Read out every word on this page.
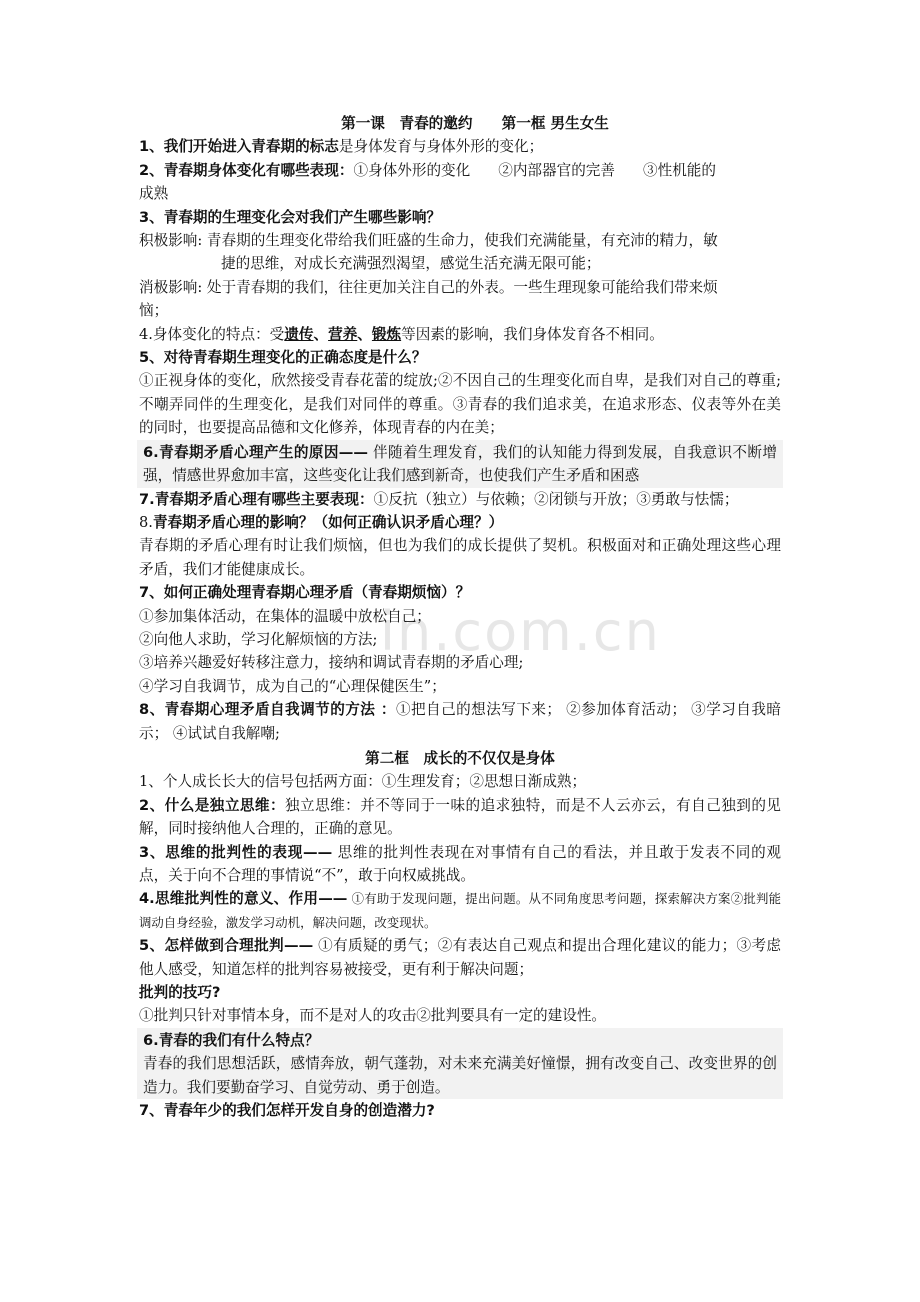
in.com.cn

第一课　青春的邀约　　第一框 男生女生

1、我们开始进入青春期的标志是身体发育与身体外形的变化；

2、青春期身体变化有哪些表现：①身体外形的变化 ②内部器官的完善 ③性机能的
成熟

3、青春期的生理变化会对我们产生哪些影响？

积极影响: 青春期的生理变化带给我们旺盛的生命力，使我们充满能量，有充沛的精力，敏

捷的思维，对成长充满强烈渴望，感觉生活充满无限可能；

消极影响: 处于青春期的我们，往往更加关注自己的外表。一些生理现象可能给我们带来烦
恼；

4.身体变化的特点：受遗传、营养、锻炼等因素的影响，我们身体发育各不相同。

5、对待青春期生理变化的正确态度是什么？

①正视身体的变化，欣然接受青春花蕾的绽放;②不因自己的生理变化而自卑，是我们对自己的尊重;不嘲弄同伴的生理变化，是我们对同伴的尊重。③青春的我们追求美，在追求形态、仪表等外在美的同时，也要提高品德和文化修养，体现青春的内在美；

6.青春期矛盾心理产生的原因—— 伴随着生理发育，我们的认知能力得到发展，自我意识不断增强，情感世界愈加丰富，这些变化让我们感到新奇，也使我们产生矛盾和困惑

7.青春期矛盾心理有哪些主要表现：①反抗（独立）与依赖；②闭锁与开放；③勇敢与怯懦；

8.青春期矛盾心理的影响？（如何正确认识矛盾心理？）

青春期的矛盾心理有时让我们烦恼，但也为我们的成长提供了契机。积极面对和正确处理这些心理矛盾，我们才能健康成长。

7、如何正确处理青春期心理矛盾（青春期烦恼）？

①参加集体活动，在集体的温暖中放松自己；

②向他人求助，学习化解烦恼的方法;

③培养兴趣爱好转移注意力，接纳和调试青春期的矛盾心理;

④学习自我调节，成为自己的“心理保健医生”；

8、青春期心理矛盾自我调节的方法 ：①把自己的想法写下来； ②参加体育活动； ③学习自我暗示； ④试试自我解嘲;

第二框　成长的不仅仅是身体

1、个人成长长大的信号包括两方面：①生理发育；②思想日渐成熟；

2、什么是独立思维：独立思维：并不等同于一味的追求独特，而是不人云亦云，有自己独到的见解，同时接纳他人合理的，正确的意见。

3、思维的批判性的表现—— 思维的批判性表现在对事情有自己的看法，并且敢于发表不同的观点，关于向不合理的事情说“不”，敢于向权威挑战。

4.思维批判性的意义、作用—— ①有助于发现问题，提出问题。从不同角度思考问题，探索解决方案②批判能调动自身经验，激发学习动机，解决问题，改变现状。

5、怎样做到合理批判—— ①有质疑的勇气；②有表达自己观点和提出合理化建议的能力；③考虑他人感受，知道怎样的批判容易被接受，更有利于解决问题；

批判的技巧?

①批判只针对事情本身，而不是对人的攻击②批判要具有一定的建设性。

6.青春的我们有什么特点？

青春的我们思想活跃，感情奔放，朝气蓬勃，对未来充满美好憧憬，拥有改变自己、改变世界的创造力。我们要勤奋学习、自觉劳动、勇于创造。

7、青春年少的我们怎样开发自身的创造潜力?
